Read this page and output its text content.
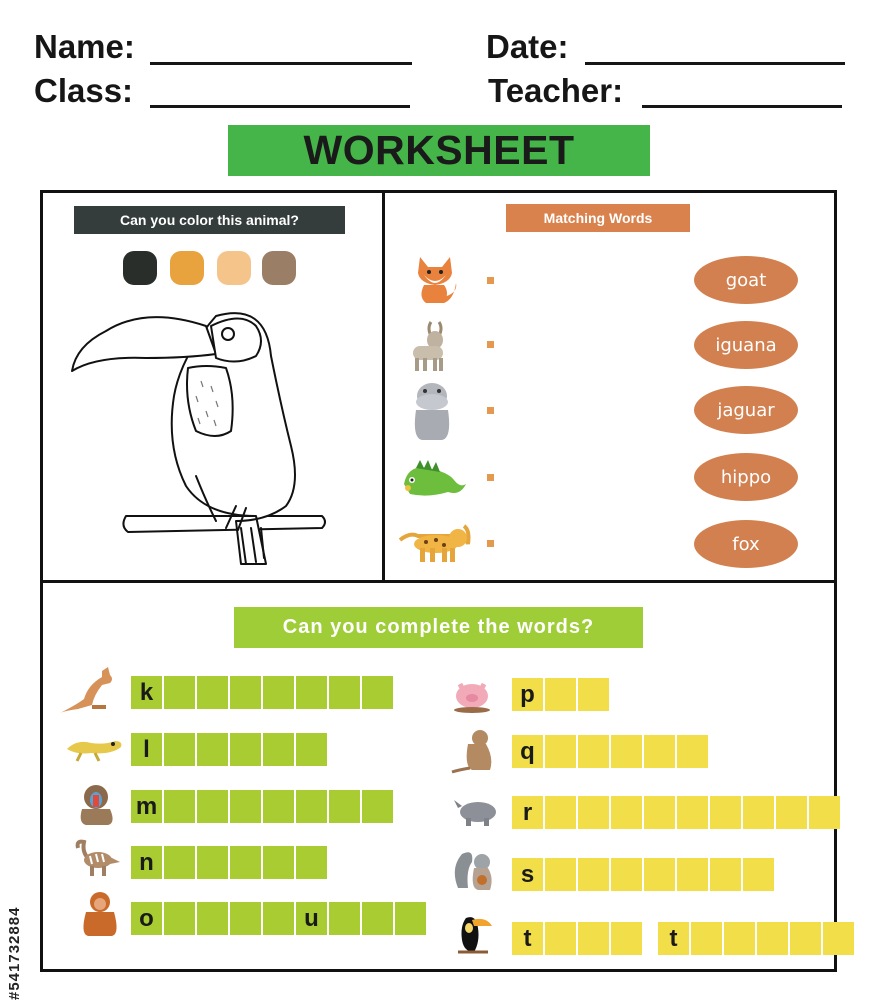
Name:	Date:
Class:	Teacher:
WORKSHEET
Can you color this animal?	Matching Words
goat
iguana
jaguar
hippo
fox
Can you complete the words?
k
l
m
n
o	u
p
q
r
s
t	t
#541732884
